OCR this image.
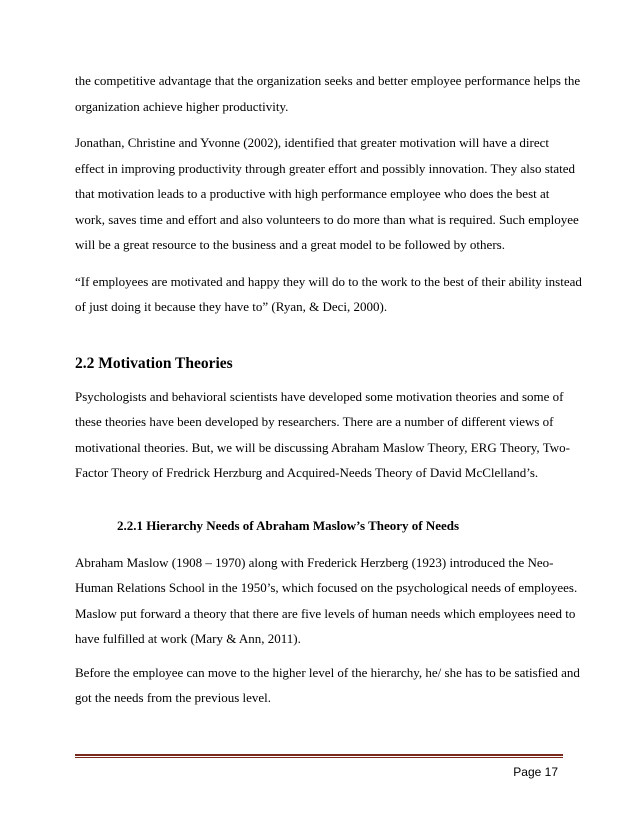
the competitive advantage that the organization seeks and better employee performance helps the
organization achieve higher productivity.
Jonathan, Christine and Yvonne (2002), identified that greater motivation will have a direct
effect in improving productivity through greater effort and possibly innovation. They also stated
that motivation leads to a productive with high performance employee who does the best at
work, saves time and effort and also volunteers to do more than what is required. Such employee
will be a great resource to the business and a great model to be followed by others.
“If employees are motivated and happy they will do to the work to the best of their ability instead
of just doing it because they have to” (Ryan, & Deci, 2000).
2.2 Motivation Theories
Psychologists and behavioral scientists have developed some motivation theories and some of
these theories have been developed by researchers. There are a number of different views of
motivational theories. But, we will be discussing Abraham Maslow Theory, ERG Theory, Two-
Factor Theory of Fredrick Herzburg and Acquired-Needs Theory of David McClelland’s.
2.2.1 Hierarchy Needs of Abraham Maslow’s Theory of Needs
Abraham Maslow (1908 – 1970) along with Frederick Herzberg (1923) introduced the Neo-
Human Relations School in the 1950’s, which focused on the psychological needs of employees.
Maslow put forward a theory that there are five levels of human needs which employees need to
have fulfilled at work (Mary & Ann, 2011).
Before the employee can move to the higher level of the hierarchy, he/ she has to be satisfied and
got the needs from the previous level.
Page 17
